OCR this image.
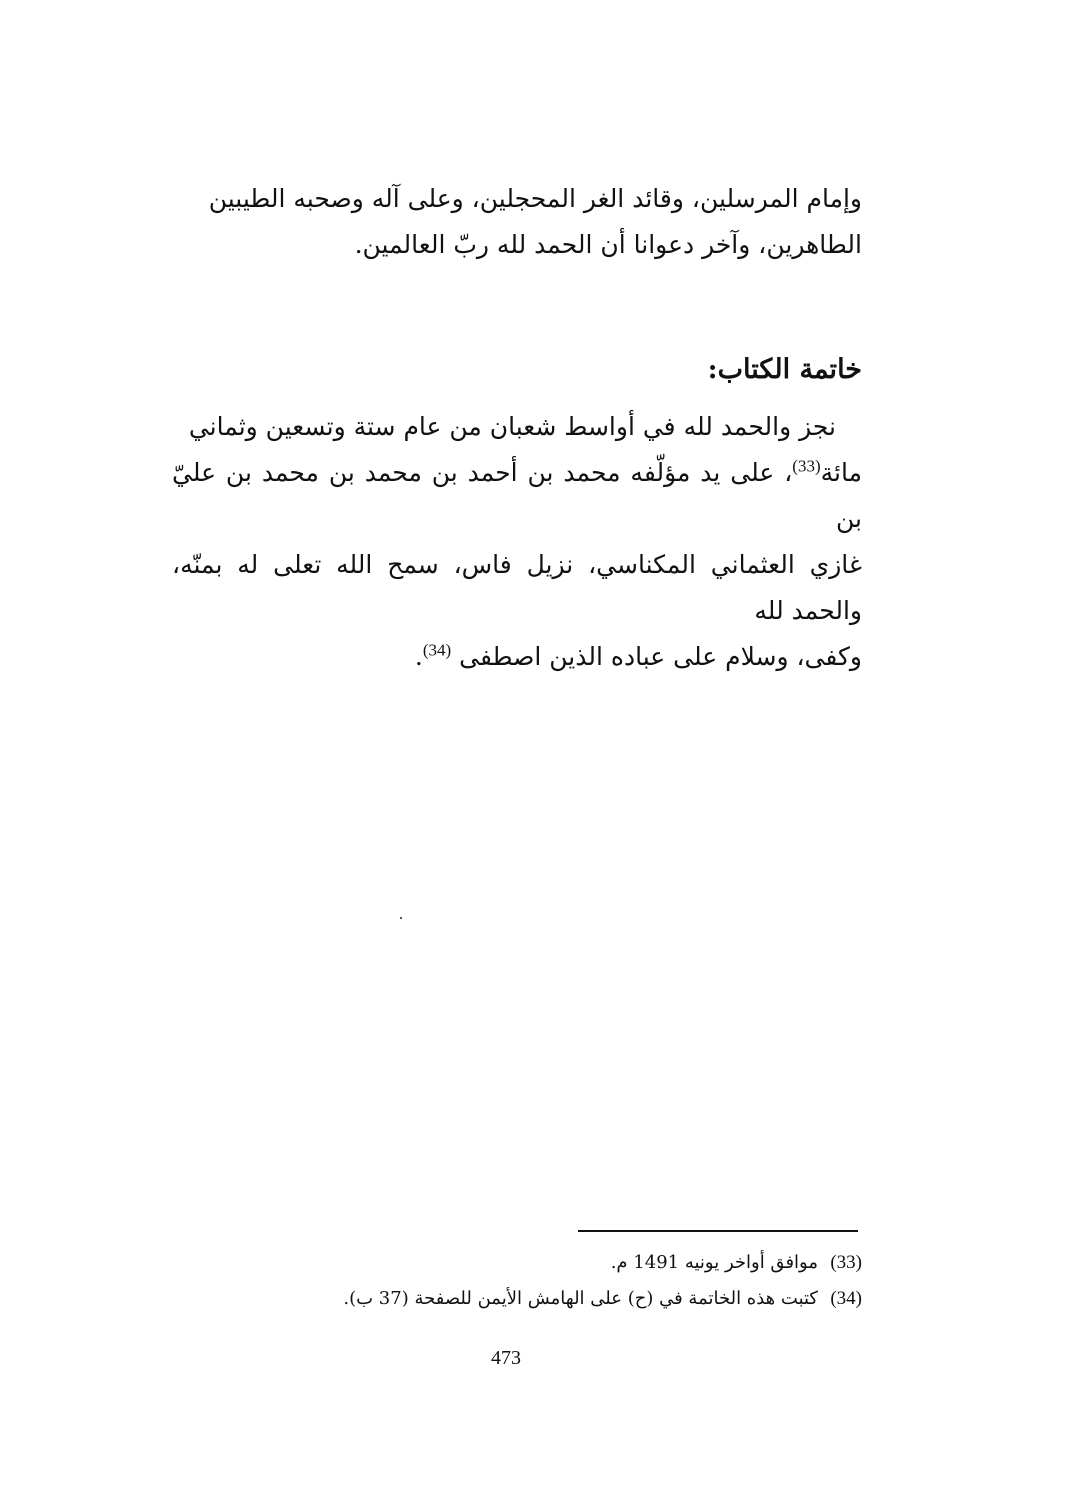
وإمام المرسلين، وقائد الغر المحجلين، وعلى آله وصحبه الطيبين
الطاهرين، وآخر دعوانا أن الحمد لله ربّ العالمين.
خاتمة الكتاب:
نجز والحمد لله في أواسط شعبان من عام ستة وتسعين وثماني
مائة$^{(33)}$، على يد مؤلّفه محمد بن أحمد بن محمد بن محمد بن عليّ بن
غازي العثماني المكناسي، نزيل فاس، سمح الله تعلى له بمنّه، والحمد لله
وكفى، وسلام على عباده الذين اصطفى $^{(34)}$.
(33)
موافق أواخر يونيه 1491 م.
(34)
كتبت هذه الخاتمة في (ح) على الهامش الأيمن للصفحة (37 ب).
473
